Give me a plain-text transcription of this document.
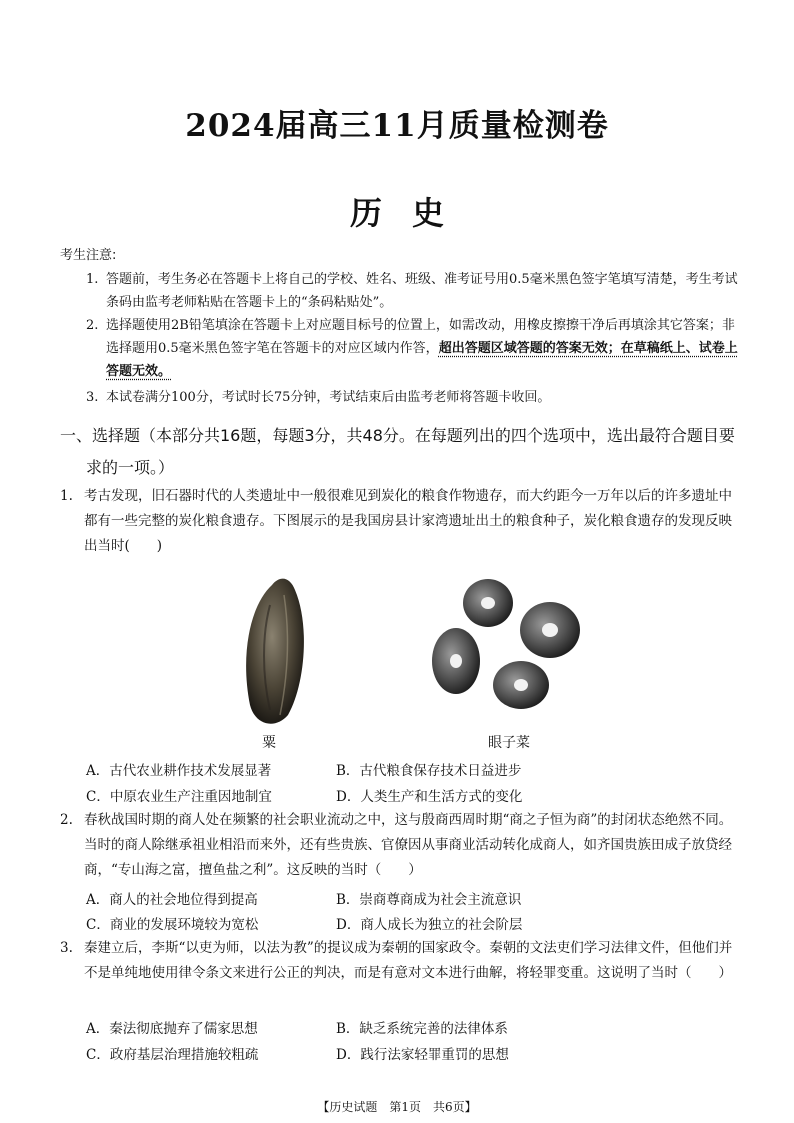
2024届高三11月质量检测卷
历史
考生注意:
1. 答题前，考生务必在答题卡上将自己的学校、姓名、班级、准考证号用0.5毫米黑色签字笔填写清楚，考生考试条码由监考老师粘贴在答题卡上的“条码粘贴处”。
2. 选择题使用2B铅笔填涂在答题卡上对应题目标号的位置上，如需改动，用橡皮擦擦干净后再填涂其它答案；非选择题用0.5毫米黑色签字笔在答题卡的对应区域内作答，超出答题区域答题的答案无效；在草稿纸上、试卷上答题无效。
3. 本试卷满分100分，考试时长75分钟，考试结束后由监考老师将答题卡收回。
一、选择题（本部分共16题，每题3分，共48分。在每题列出的四个选项中，选出最符合题目要
求的一项。）
1. 考古发现，旧石器时代的人类遗址中一般很难见到炭化的粮食作物遗存，而大约距今一万年以后的许多遗址中都有一些完整的炭化粮食遗存。下图展示的是我国房县计家湾遗址出土的粮食种子，炭化粮食遗存的发现反映出当时(　　)
粟	眼子菜
A．古代农业耕作技术发展显著	B．古代粮食保存技术日益进步
C．中原农业生产注重因地制宜	D．人类生产和生活方式的变化
2. 春秋战国时期的商人处在频繁的社会职业流动之中，这与殷商西周时期“商之子恒为商”的封闭状态绝然不同。当时的商人除继承祖业相沿而来外，还有些贵族、官僚因从事商业活动转化成商人，如齐国贵族田成子放贷经商，“专山海之富，擅鱼盐之利”。这反映的当时（　　）
A．商人的社会地位得到提高	B．崇商尊商成为社会主流意识
C．商业的发展环境较为宽松	D．商人成长为独立的社会阶层
3. 秦建立后，李斯“以吏为师，以法为教”的提议成为秦朝的国家政令。秦朝的文法吏们学习法律文件，但他们并不是单纯地使用律令条文来进行公正的判决，而是有意对文本进行曲解，将轻罪变重。这说明了当时（　　）
A．秦法彻底抛弃了儒家思想	B．缺乏系统完善的法律体系
C．政府基层治理措施较粗疏	D．践行法家轻罪重罚的思想
【历史试题　第1页　共6页】
